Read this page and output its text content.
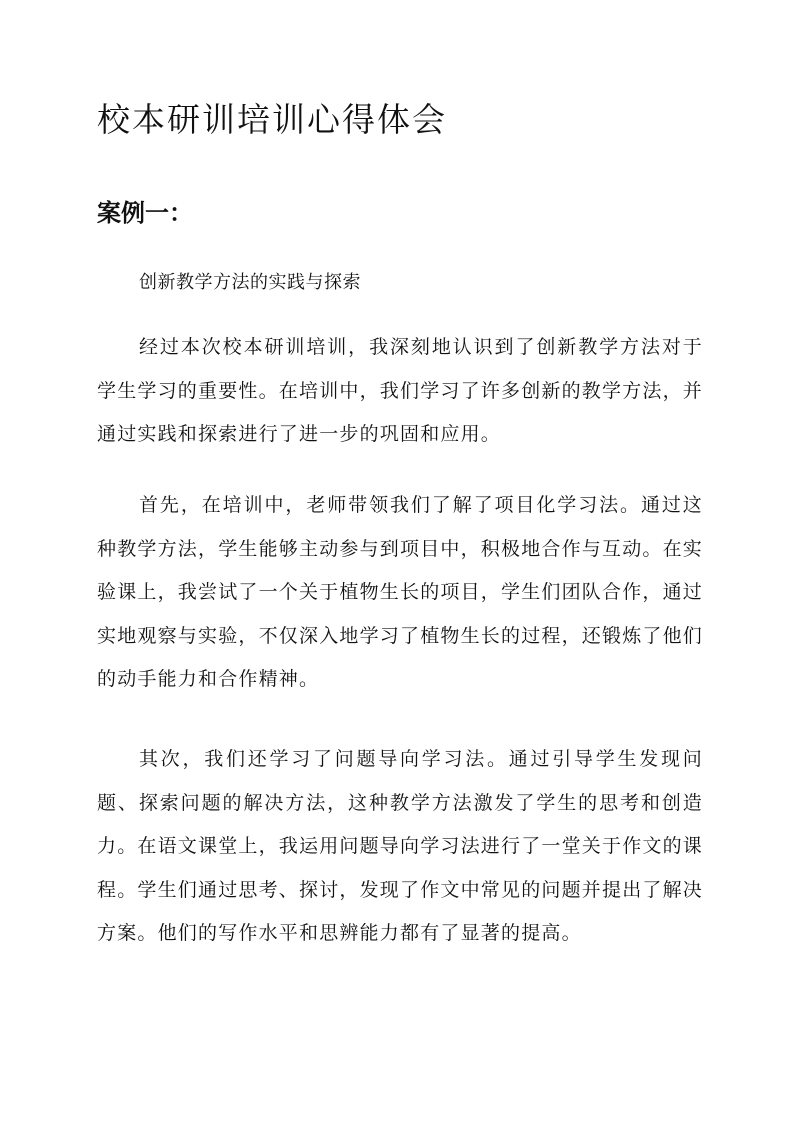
校本研训培训心得体会
案例一：

创新教学方法的实践与探索

经过本次校本研训培训，我深刻地认识到了创新教学方法对于学生学习的重要性。在培训中，我们学习了许多创新的教学方法，并通过实践和探索进行了进一步的巩固和应用。

首先，在培训中，老师带领我们了解了项目化学习法。通过这种教学方法，学生能够主动参与到项目中，积极地合作与互动。在实验课上，我尝试了一个关于植物生长的项目，学生们团队合作，通过实地观察与实验，不仅深入地学习了植物生长的过程，还锻炼了他们的动手能力和合作精神。

其次，我们还学习了问题导向学习法。通过引导学生发现问题、探索问题的解决方法，这种教学方法激发了学生的思考和创造力。在语文课堂上，我运用问题导向学习法进行了一堂关于作文的课程。学生们通过思考、探讨，发现了作文中常见的问题并提出了解决方案。他们的写作水平和思辨能力都有了显著的提高。
